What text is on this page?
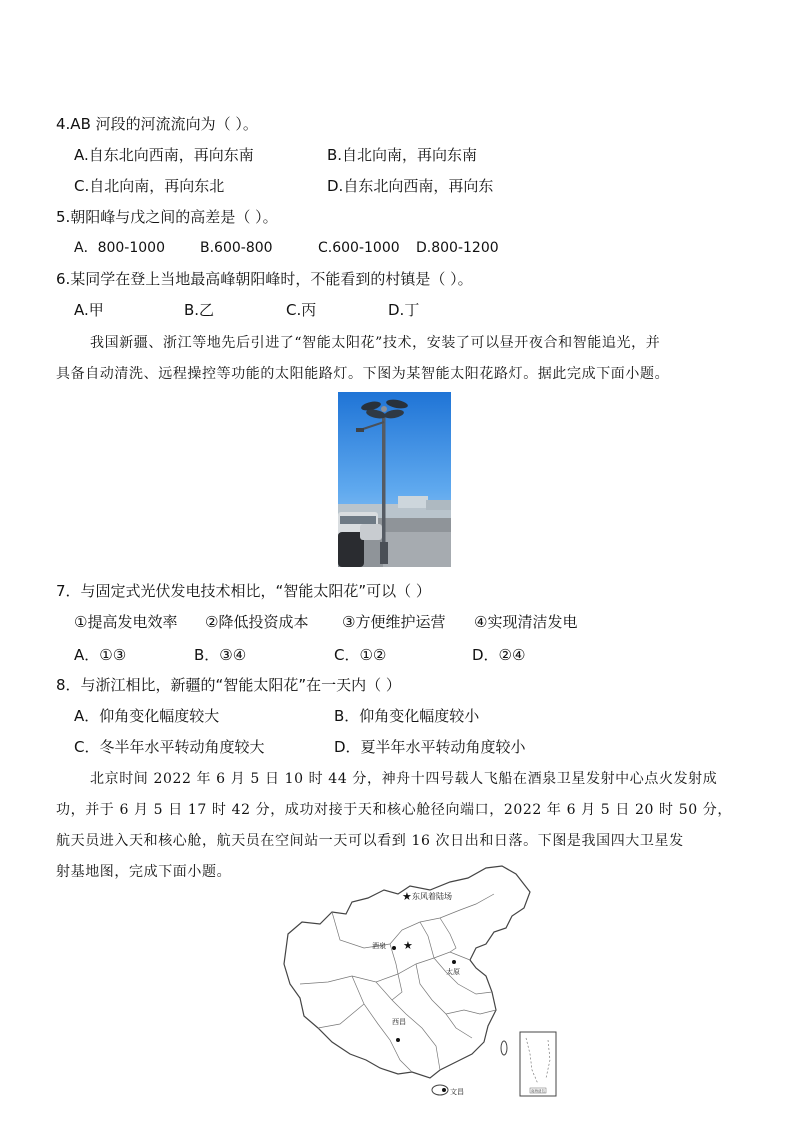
4.AB 河段的河流流向为（ ）。
A.自东北向西南，再向东南	B.自北向南，再向东南
C.自北向南，再向东北	D.自东北向西南，再向东
5.朝阳峰与戊之间的高差是（ ）。
A．800-1000	B.600-800	C.600-1000 D.800-1200
6.某同学在登上当地最高峰朝阳峰时，不能看到的村镇是（ ）。
A.甲	B.乙	C.丙	D.丁
我国新疆、浙江等地先后引进了“智能太阳花”技术，安装了可以昼开夜合和智能追光，并
具备自动清洗、远程操控等功能的太阳能路灯。下图为某智能太阳花路灯。据此完成下面小题。
7．与固定式光伏发电技术相比，“智能太阳花”可以（ ）
①提高发电效率 ②降低投资成本 ③方便维护运营 ④实现清洁发电
A．①③	B．③④	C．①②	D．②④
8．与浙江相比，新疆的“智能太阳花”在一天内（ ）
A．仰角变化幅度较大	B．仰角变化幅度较小
C．冬半年水平转动角度较大	D．夏半年水平转动角度较小
北京时间 2022 年 6 月 5 日 10 时 44 分，神舟十四号载人飞船在酒泉卫星发射中心点火发射成
功，并于 6 月 5 日 17 时 42 分，成功对接于天和核心舱径向端口，2022 年 6 月 5 日 20 时 50 分，
航天员进入天和核心舱，航天员在空间站一天可以看到 16 次日出和日落。下图是我国四大卫星发
射基地图，完成下面小题。
★ 东风着陆场
★
酒泉
太原
西昌
文昌	南海诸岛
